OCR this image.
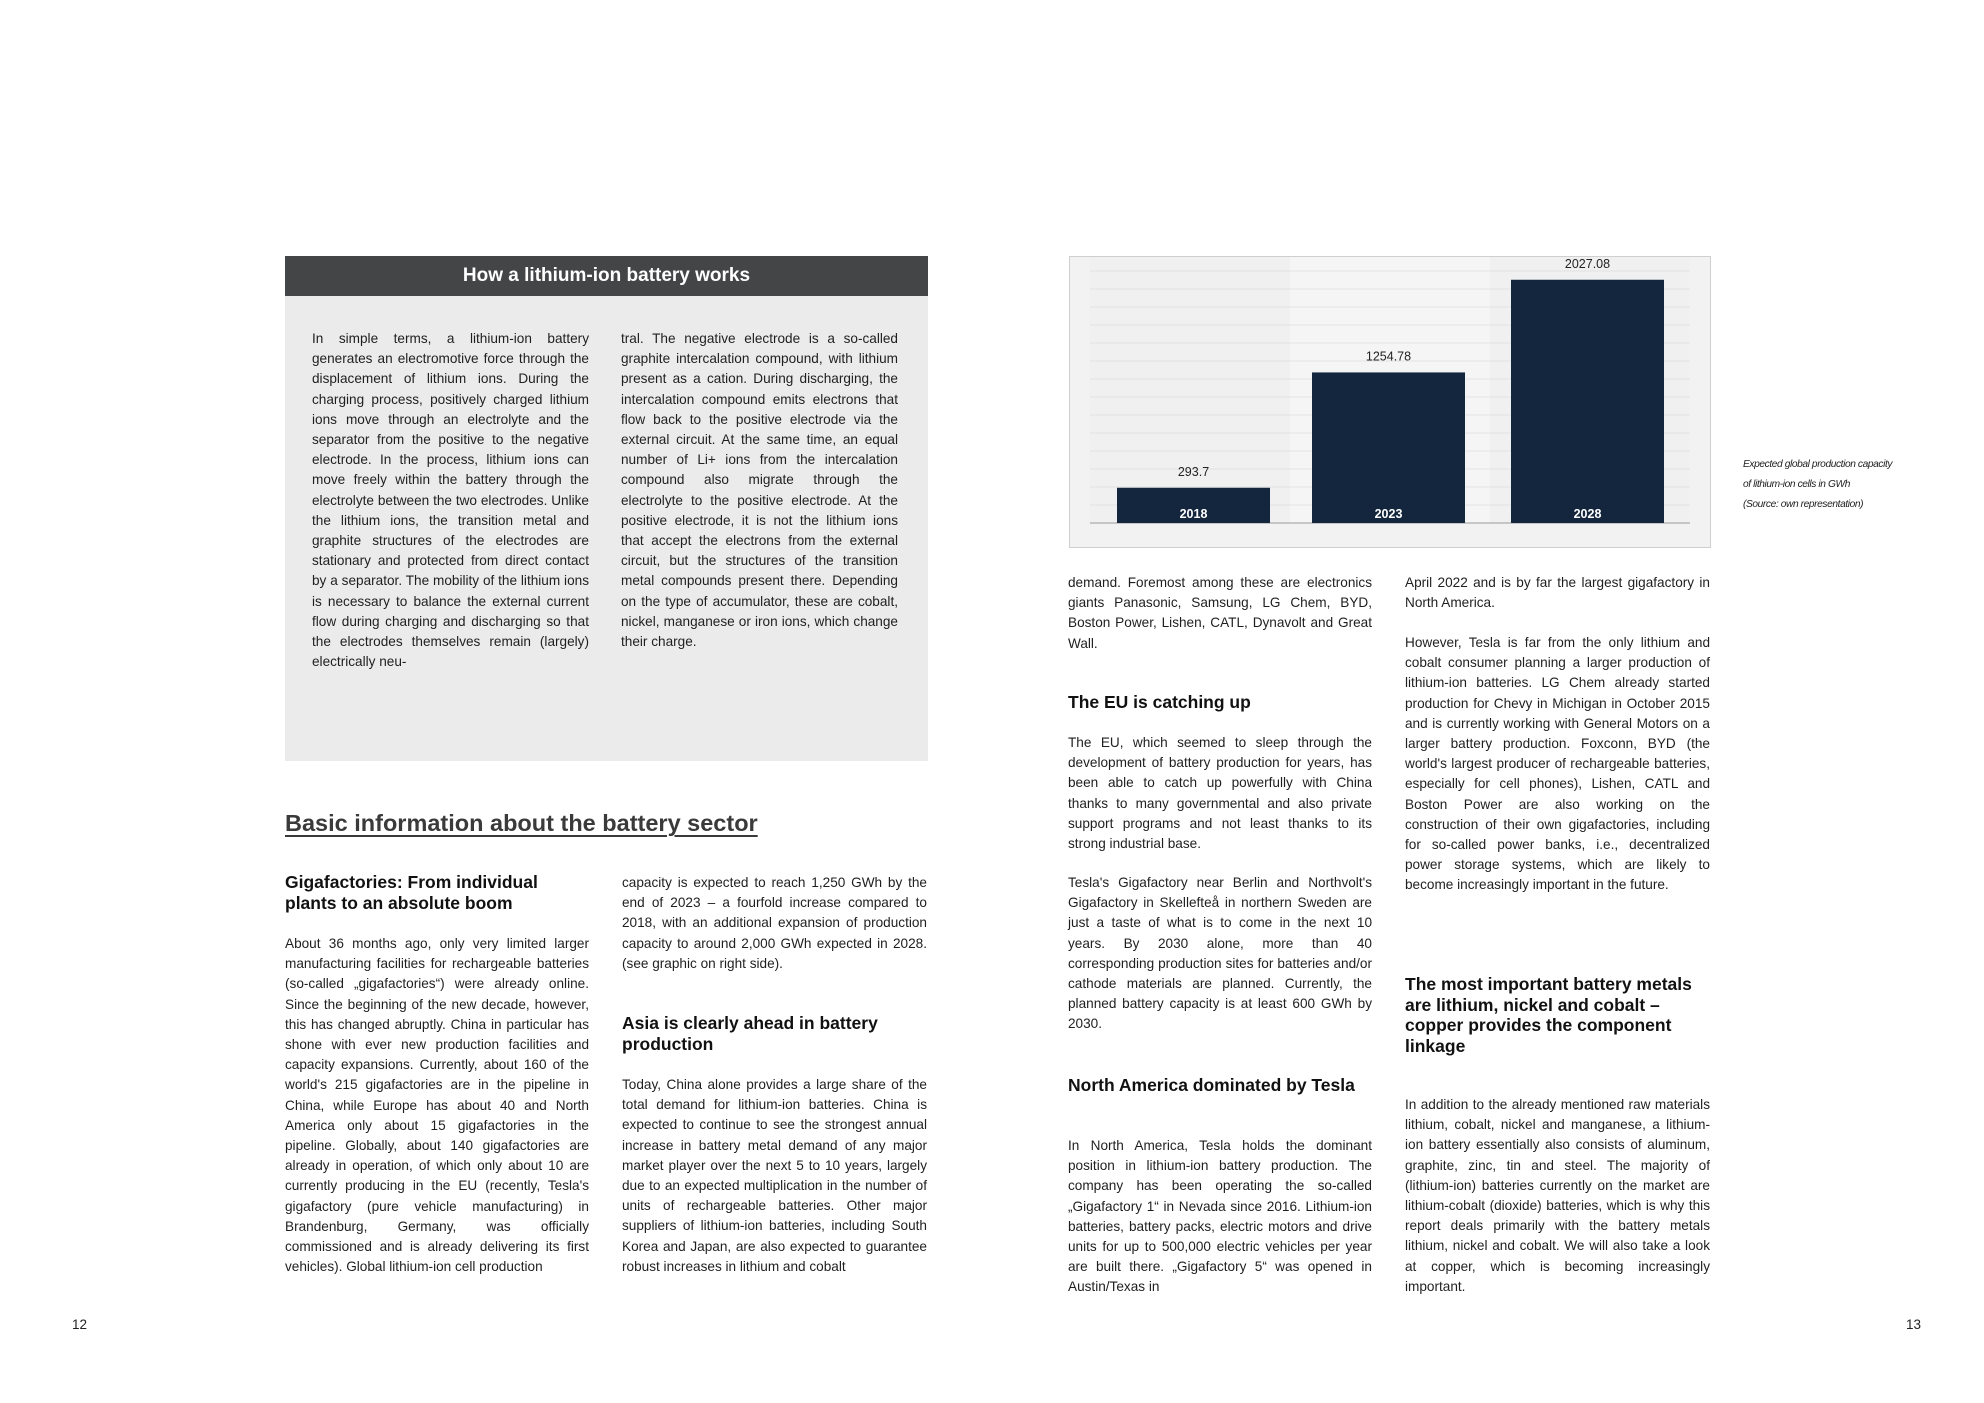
How a lithium-ion battery works
In simple terms, a lithium-ion battery generates an electromotive force through the displacement of lithium ions. During the charging process, positively charged lithium ions move through an electrolyte and the separator from the positive to the negative electrode. In the process, lithium ions can move freely within the battery through the electrolyte between the two electrodes. Unlike the lithium ions, the transition metal and graphite structures of the electrodes are stationary and protected from direct contact by a separator. The mobility of the lithium ions is necessary to balance the external current flow during charging and discharging so that the electrodes themselves remain (largely) electrically neu-
tral. The negative electrode is a so-called graphite intercalation compound, with lithium present as a cation. During discharging, the intercalation compound emits electrons that flow back to the positive electrode via the external circuit. At the same time, an equal number of Li+ ions from the intercalation compound also migrate through the electrolyte to the positive electrode. At the positive electrode, it is not the lithium ions that accept the electrons from the external circuit, but the structures of the transition metal compounds present there. Depending on the type of accumulator, these are cobalt, nickel, manganese or iron ions, which change their charge.
Basic information about the battery sector
Gigafactories: From individual plants to an absolute boom
About 36 months ago, only very limited larger manufacturing facilities for rechargeable batteries (so-called „gigafactories“) were already online. Since the beginning of the new decade, however, this has changed abruptly. China in particular has shone with ever new production facilities and capacity expansions. Currently, about 160 of the world's 215 gigafactories are in the pipeline in China, while Europe has about 40 and North America only about 15 gigafactories in the pipeline. Globally, about 140 gigafactories are already in operation, of which only about 10 are currently producing in the EU (recently, Tesla's gigafactory (pure vehicle manufacturing) in Brandenburg, Germany, was officially commissioned and is already delivering its first vehicles). Global lithium-ion cell production
capacity is expected to reach 1,250 GWh by the end of 2023 – a fourfold increase compared to 2018, with an additional expansion of production capacity to around 2,000 GWh expected in 2028. (see graphic on right side).
Asia is clearly ahead in battery production
Today, China alone provides a large share of the total demand for lithium-ion batteries. China is expected to continue to see the strongest annual increase in battery metal demand of any major market player over the next 5 to 10 years, largely due to an expected multiplication in the number of units of rechargeable batteries. Other major suppliers of lithium-ion batteries, including South Korea and Japan, are also expected to guarantee robust increases in lithium and cobalt
12
293.7
2018
1254.78
2023
2027.08
2028
Expected global production capacity
of lithium-ion cells in GWh
(Source: own representation)
demand. Foremost among these are electronics giants Panasonic, Samsung, LG Chem, BYD, Boston Power, Lishen, CATL, Dynavolt and Great Wall.
The EU is catching up
The EU, which seemed to sleep through the development of battery production for years, has been able to catch up powerfully with China thanks to many governmental and also private support programs and not least thanks to its strong industrial base.
Tesla's Gigafactory near Berlin and Northvolt's Gigafactory in Skellefteå in northern Sweden are just a taste of what is to come in the next 10 years. By 2030 alone, more than 40 corresponding production sites for batteries and/or cathode materials are planned. Currently, the planned battery capacity is at least 600 GWh by 2030.
North America dominated by Tesla
In North America, Tesla holds the dominant position in lithium-ion battery production. The company has been operating the so-called „Gigafactory 1“ in Nevada since 2016. Lithium-ion batteries, battery packs, electric motors and drive units for up to 500,000 electric vehicles per year are built there. „Gigafactory 5“ was opened in Austin/Texas in
April 2022 and is by far the largest gigafactory in North America.
However, Tesla is far from the only lithium and cobalt consumer planning a larger production of lithium-ion batteries. LG Chem already started production for Chevy in Michigan in October 2015 and is currently working with General Motors on a larger battery production. Foxconn, BYD (the world's largest producer of rechargeable batteries, especially for cell phones), Lishen, CATL and Boston Power are also working on the construction of their own gigafactories, including for so-called power banks, i.e., decentralized power storage systems, which are likely to become increasingly important in the future.
The most important battery metals are lithium, nickel and cobalt – copper provides the component linkage
In addition to the already mentioned raw materials lithium, cobalt, nickel and manganese, a lithium-ion battery essentially also consists of aluminum, graphite, zinc, tin and steel. The majority of (lithium-ion) batteries currently on the market are lithium-cobalt (dioxide) batteries, which is why this report deals primarily with the battery metals lithium, nickel and cobalt. We will also take a look at copper, which is becoming increasingly important.
13
